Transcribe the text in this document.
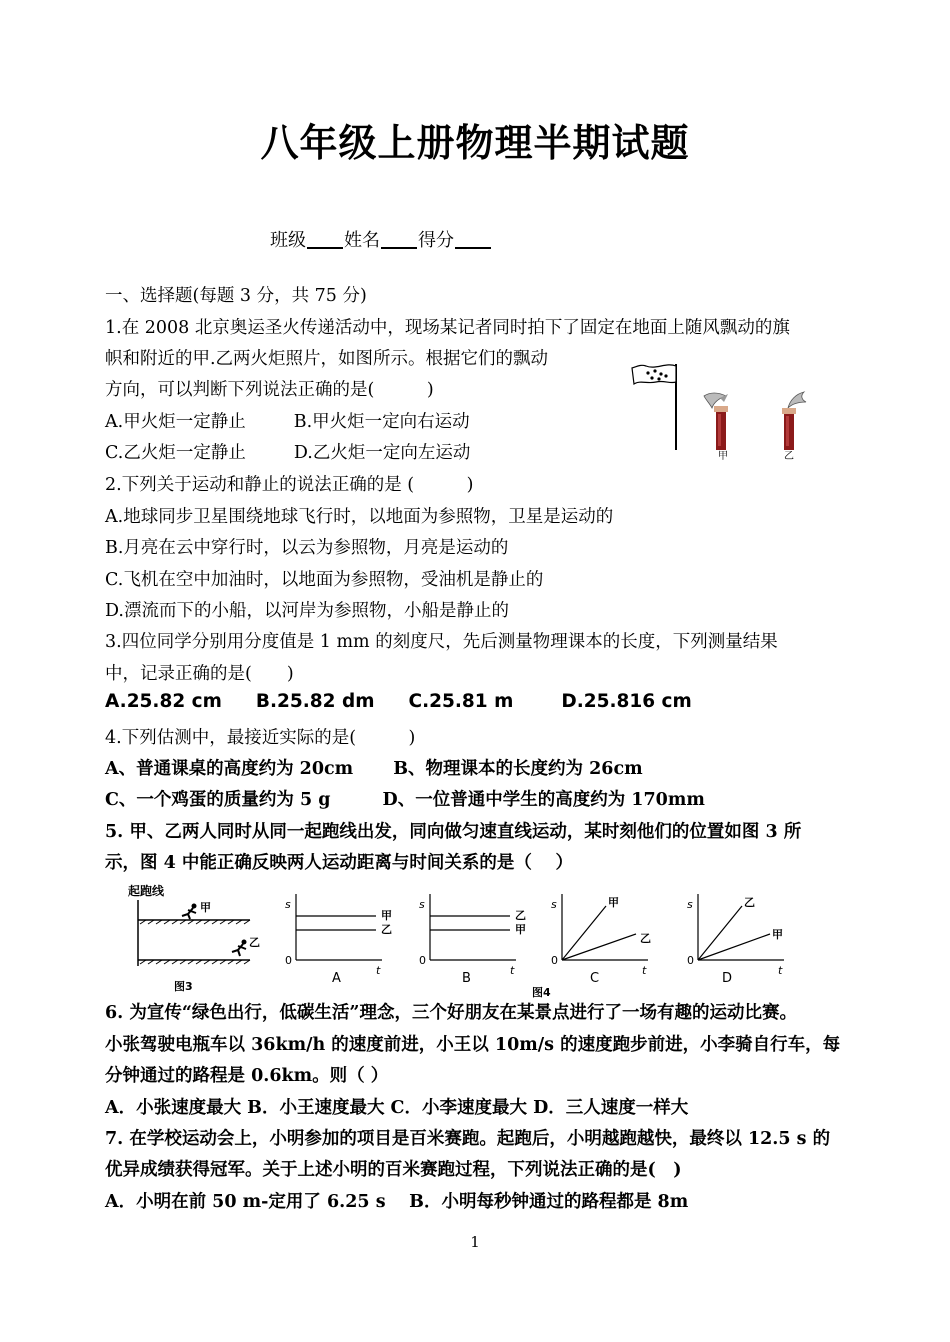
八年级上册物理半期试题
班级 姓名 得分
一、选择题(每题 3 分，共 75 分)
1.在 2008 北京奥运圣火传递活动中，现场某记者同时拍下了固定在地面上随风飘动的旗
帜和附近的甲.乙两火炬照片，如图所示。根据它们的飘动
方向，可以判断下列说法正确的是(　　　)
A.甲火炬一定静止	B.甲火炬一定向右运动
C.乙火炬一定静止	D.乙火炬一定向左运动	甲	乙
2.下列关于运动和静止的说法正确的是 (　　　)
A.地球同步卫星围绕地球飞行时，以地面为参照物，卫星是运动的
B.月亮在云中穿行时，以云为参照物，月亮是运动的
C.飞机在空中加油时，以地面为参照物，受油机是静止的
D.漂流而下的小船，以河岸为参照物，小船是静止的
3.四位同学分别用分度值是 1 mm 的刻度尺，先后测量物理课本的长度，下列测量结果
中，记录正确的是(　　)
A.25.82 cm B.25.82 dm C.25.81 m	D.25.816 cm
4.下列估测中，最接近实际的是(　　　)
A、普通课桌的高度约为 20cm B、物理课本的长度约为 26cm
C、一个鸡蛋的质量约为 5 g	D、一位普通中学生的高度约为 170mm
5. 甲、乙两人同时从同一起跑线出发，同向做匀速直线运动，某时刻他们的位置如图 3 所
示，图 4 中能正确反映两人运动距离与时间关系的是（　 ）
起跑线
甲
乙
图3
s
0
t
甲
乙
A
s
0
t
乙
甲
B
s
0
t
甲
乙
C
s
0
t
乙
甲
D
图4
6. 为宣传“绿色出行，低碳生活”理念，三个好朋友在某景点进行了一场有趣的运动比赛。
小张驾驶电瓶车以 36km/h 的速度前进，小王以 10m/s 的速度跑步前进，小李骑自行车，每
分钟通过的路程是 0.6km。则（ ）
A．小张速度最大 B．小王速度最大 C．小李速度最大 D．三人速度一样大
7. 在学校运动会上，小明参加的项目是百米赛跑。起跑后，小明越跑越快，最终以 12.5 s 的
优异成绩获得冠军。关于上述小明的百米赛跑过程，下列说法正确的是(　)
A．小明在前 50 m-定用了 6.25 s　 B．小明每秒钟通过的路程都是 8m
1
